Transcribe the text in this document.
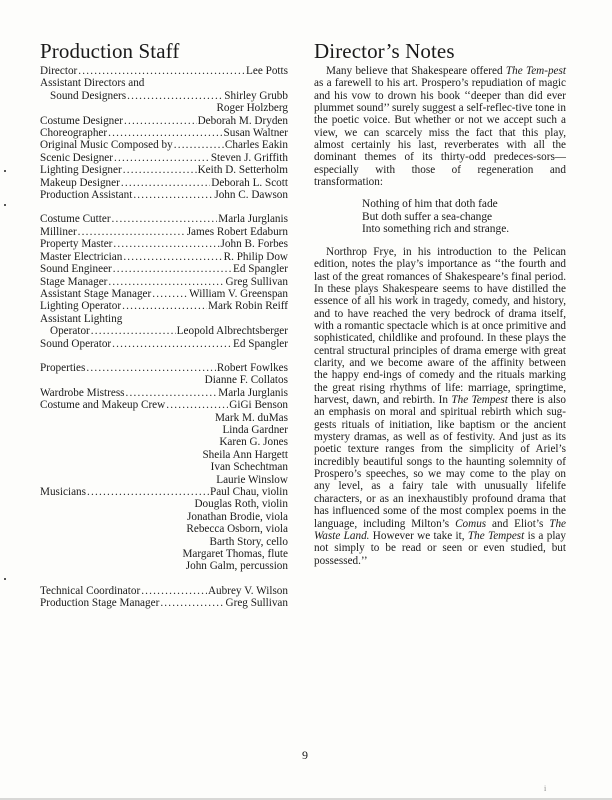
Production Staff
Director . . .	Lee Potts
Assistant Directors and
Sound Designers . . .	Shirley Grubb
Roger Holzberg
Costume Designer . . .	Deborah M. Dryden
Choreographer . . .	Susan Waltner
Original Music Composed by . . .	Charles Eakin
Scenic Designer . . .	Steven J. Griffith
Lighting Designer . . .	Keith D. Setterholm
Makeup Designer . . .	Deborah L. Scott
Production Assistant . . .	John C. Dawson
Costume Cutter . . .	Marla Jurglanis
Milliner . . .	James Robert Edaburn
Property Master . . .	John B. Forbes
Master Electrician . . .	R. Philip Dow
Sound Engineer . . .	Ed Spangler
Stage Manager . . .	Greg Sullivan
Assistant Stage Manager . . .	William V. Greenspan
Lighting Operator . . .	Mark Robin Reiff
Assistant Lighting
Operator . . .	Leopold Albrechtsberger
Sound Operator . . .	Ed Spangler
Properties . . .	Robert Fowlkes
Dianne F. Collatos
Wardrobe Mistress . . .	Marla Jurglanis
Costume and Makeup Crew . . .	GiGi Benson
Mark M. duMas
Linda Gardner
Karen G. Jones
Sheila Ann Hargett
Ivan Schechtman
Laurie Winslow
Musicians . . .	Paul Chau, violin
Douglas Roth, violin
Jonathan Brodie, viola
Rebecca Osborn, viola
Barth Story, cello
Margaret Thomas, flute
John Galm, percussion
Technical Coordinator . . .	Aubrey V. Wilson
Production Stage Manager . . .	Greg Sullivan
Director’s Notes

Many believe that Shakespeare offered The Tem-pest as a farewell to his art. Prospero’s repudiation of magic and his vow to drown his book ‘‘deeper than did ever plummet sound’’ surely suggest a self-reflec-tive tone in the poetic voice. But whether or not we accept such a view, we can scarcely miss the fact that this play, almost certainly his last, reverberates with all the dominant themes of its thirty-odd predeces-sors—especially with those of regeneration and transformation:

Nothing of him that doth fade
But doth suffer a sea-change
Into something rich and strange.

Northrop Frye, in his introduction to the Pelican edition, notes the play’s importance as ‘‘the fourth and last of the great romances of Shakespeare’s final period. In these plays Shakespeare seems to have distilled the essence of all his work in tragedy, comedy, and history, and to have reached the very bedrock of drama itself, with a romantic spectacle which is at once primitive and sophisticated, childlike and profound. In these plays the central structural principles of drama emerge with great clarity, and we become aware of the affinity between the happy end-ings of comedy and the rituals marking the great rising rhythms of life: marriage, springtime, harvest, dawn, and rebirth. In The Tempest there is also an emphasis on moral and spiritual rebirth which sug-gests rituals of initiation, like baptism or the ancient mystery dramas, as well as of festivity. And just as its poetic texture ranges from the simplicity of Ariel’s incredibly beautiful songs to the haunting solemnity of Prospero’s speeches, so we may come to the play on any level, as a fairy tale with unusually lifelife characters, or as an inexhaustibly profound drama that has influenced some of the most complex poems in the language, including Milton’s Comus and Eliot’s The Waste Land. However we take it, The Tempest is a play not simply to be read or seen or even studied, but possessed.’’

9
i
